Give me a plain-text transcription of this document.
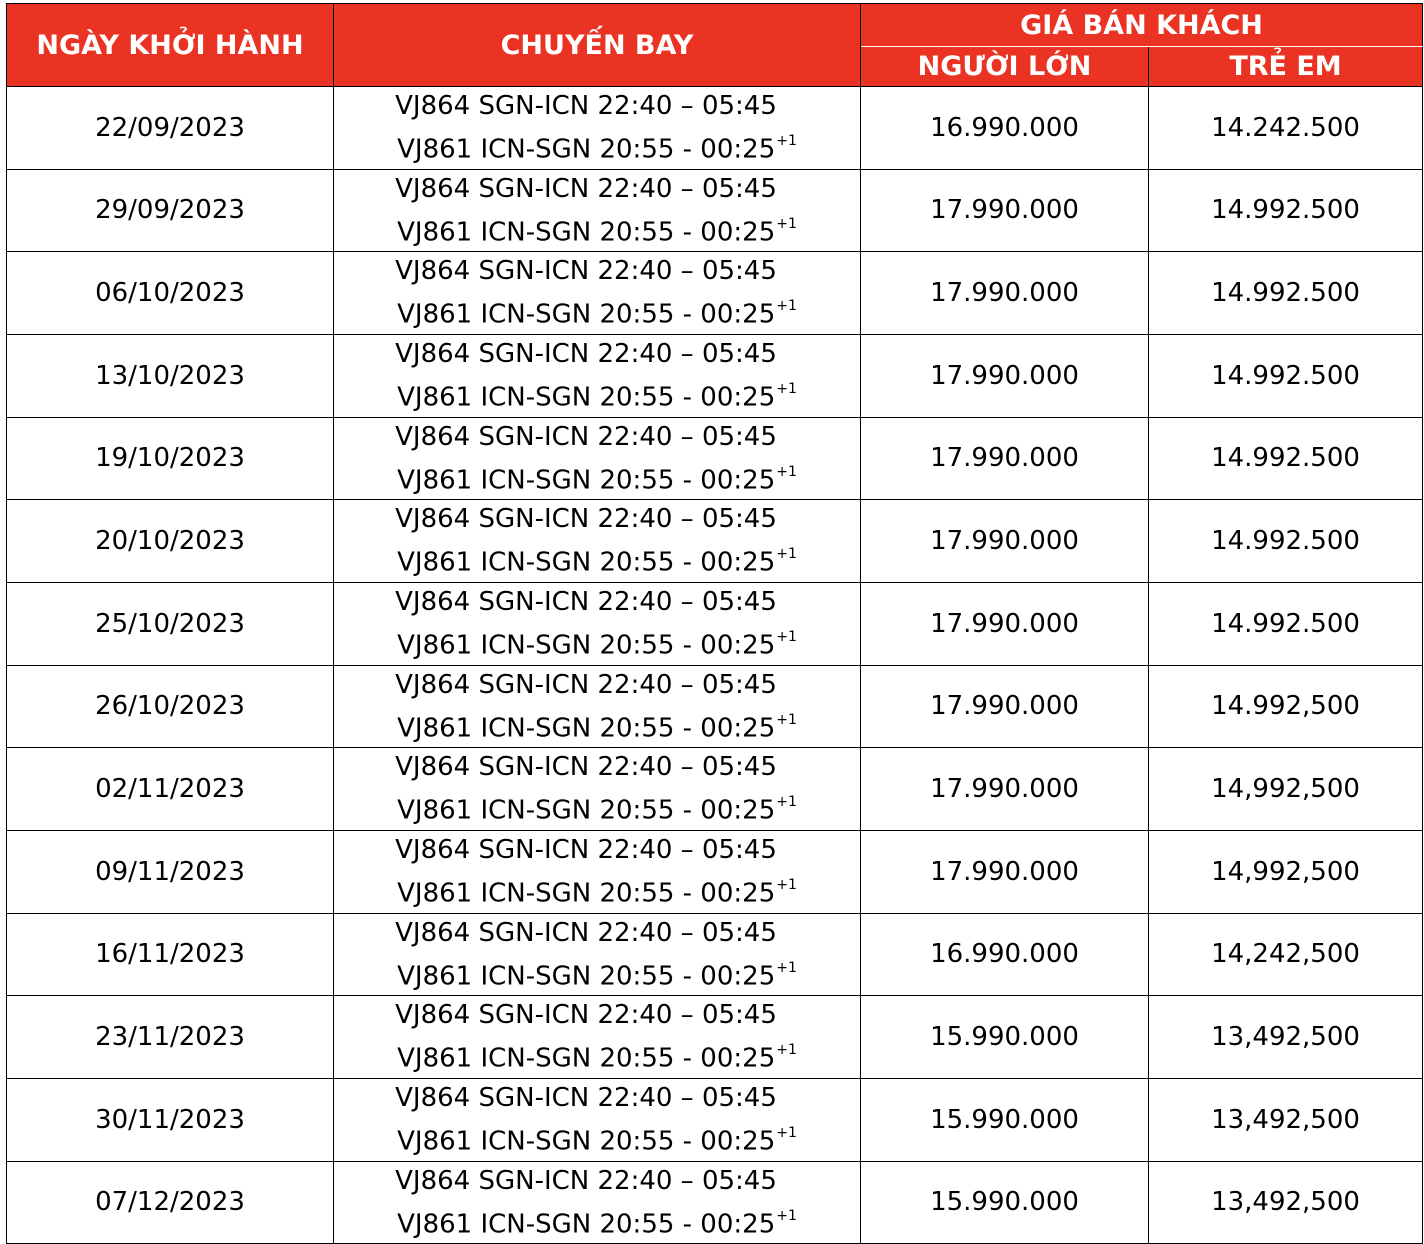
NGÀY KHỞI HÀNH	CHUYẾN BAY	GIÁ BÁN KHÁCH	
		NGƯỜI LỚN	TRẺ EM
22/09/2023	VJ864 SGN-ICN 22:40 – 05:45
VJ861 ICN-SGN 20:55 - $00:25^{+1}$	16.990.000	14.242.500
29/09/2023	VJ864 SGN-ICN 22:40 – 05:45
VJ861 ICN-SGN 20:55 - $00:25^{+1}$	17.990.000	14.992.500
06/10/2023	VJ864 SGN-ICN 22:40 – 05:45
VJ861 ICN-SGN 20:55 - $00:25^{+1}$	17.990.000	14.992.500
13/10/2023	VJ864 SGN-ICN 22:40 – 05:45
VJ861 ICN-SGN 20:55 - $00:25^{+1}$	17.990.000	14.992.500
19/10/2023	VJ864 SGN-ICN 22:40 – 05:45
VJ861 ICN-SGN 20:55 - $00:25^{+1}$	17.990.000	14.992.500
20/10/2023	VJ864 SGN-ICN 22:40 – 05:45
VJ861 ICN-SGN 20:55 - $00:25^{+1}$	17.990.000	14.992.500
25/10/2023	VJ864 SGN-ICN 22:40 – 05:45
VJ861 ICN-SGN 20:55 - $00:25^{+1}$	17.990.000	14.992.500
26/10/2023	VJ864 SGN-ICN 22:40 – 05:45
VJ861 ICN-SGN 20:55 - $00:25^{+1}$	17.990.000	14.992,500
02/11/2023	VJ864 SGN-ICN 22:40 – 05:45
VJ861 ICN-SGN 20:55 - $00:25^{+1}$	17.990.000	14,992,500
09/11/2023	VJ864 SGN-ICN 22:40 – 05:45
VJ861 ICN-SGN 20:55 - $00:25^{+1}$	17.990.000	14,992,500
16/11/2023	VJ864 SGN-ICN 22:40 – 05:45
VJ861 ICN-SGN 20:55 - $00:25^{+1}$	16.990.000	14,242,500
23/11/2023	VJ864 SGN-ICN 22:40 – 05:45
VJ861 ICN-SGN 20:55 - $00:25^{+1}$	15.990.000	13,492,500
30/11/2023	VJ864 SGN-ICN 22:40 – 05:45
VJ861 ICN-SGN 20:55 - $00:25^{+1}$	15.990.000	13,492,500
07/12/2023	VJ864 SGN-ICN 22:40 – 05:45
VJ861 ICN-SGN 20:55 - $00:25^{+1}$	15.990.000	13,492,500
